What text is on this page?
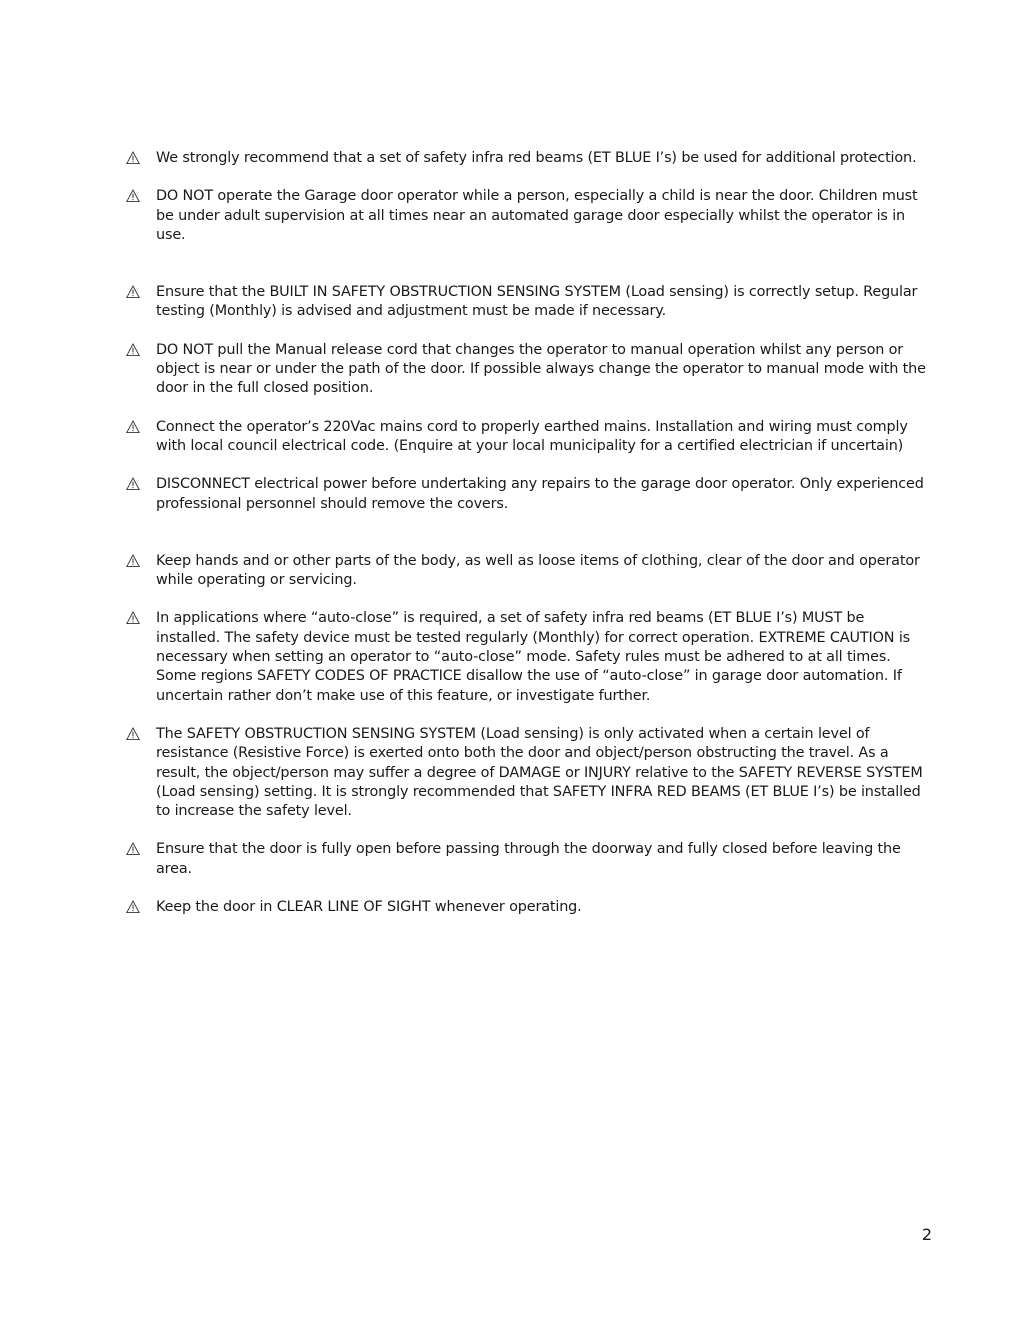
We strongly recommend that a set of safety infra red beams (ET BLUE I’s) be used for additional protection.
DO NOT operate the Garage door operator while a person, especially a child is near the door. Children must be under adult supervision at all times near an automated garage door especially whilst the operator is in use.
Ensure that the BUILT IN SAFETY OBSTRUCTION SENSING SYSTEM (Load sensing) is correctly setup. Regular testing (Monthly) is advised and adjustment must be made if necessary.
DO NOT pull the Manual release cord that changes the operator to manual operation whilst any person or object is near or under the path of the door. If possible always change the operator to manual mode with the door in the full closed position.
Connect the operator’s 220Vac mains cord to properly earthed mains. Installation and wiring must comply with local council electrical code. (Enquire at your local municipality for a certified electrician if uncertain)
DISCONNECT electrical power before undertaking any repairs to the garage door operator. Only experienced professional personnel should remove the covers.
Keep hands and or other parts of the body, as well as loose items of clothing, clear of the door and operator while operating or servicing.
In applications where “auto-close” is required, a set of safety infra red beams (ET BLUE I’s) MUST be installed. The safety device must be tested regularly (Monthly) for correct operation. EXTREME CAUTION is necessary when setting an operator to “auto-close” mode. Safety rules must be adhered to at all times. Some regions SAFETY CODES OF PRACTICE disallow the use of “auto-close” in garage door automation. If uncertain rather don’t make use of this feature, or investigate further.
The SAFETY OBSTRUCTION SENSING SYSTEM (Load sensing) is only activated when a certain level of resistance (Resistive Force) is exerted onto both the door and object/person obstructing the travel. As a result, the object/person may suffer a degree of DAMAGE or INJURY relative to the SAFETY REVERSE SYSTEM (Load sensing) setting. It is strongly recommended that SAFETY INFRA RED BEAMS (ET BLUE I’s) be installed to increase the safety level.
Ensure that the door is fully open before passing through the doorway and fully closed before leaving the area.
Keep the door in CLEAR LINE OF SIGHT whenever operating.
2
